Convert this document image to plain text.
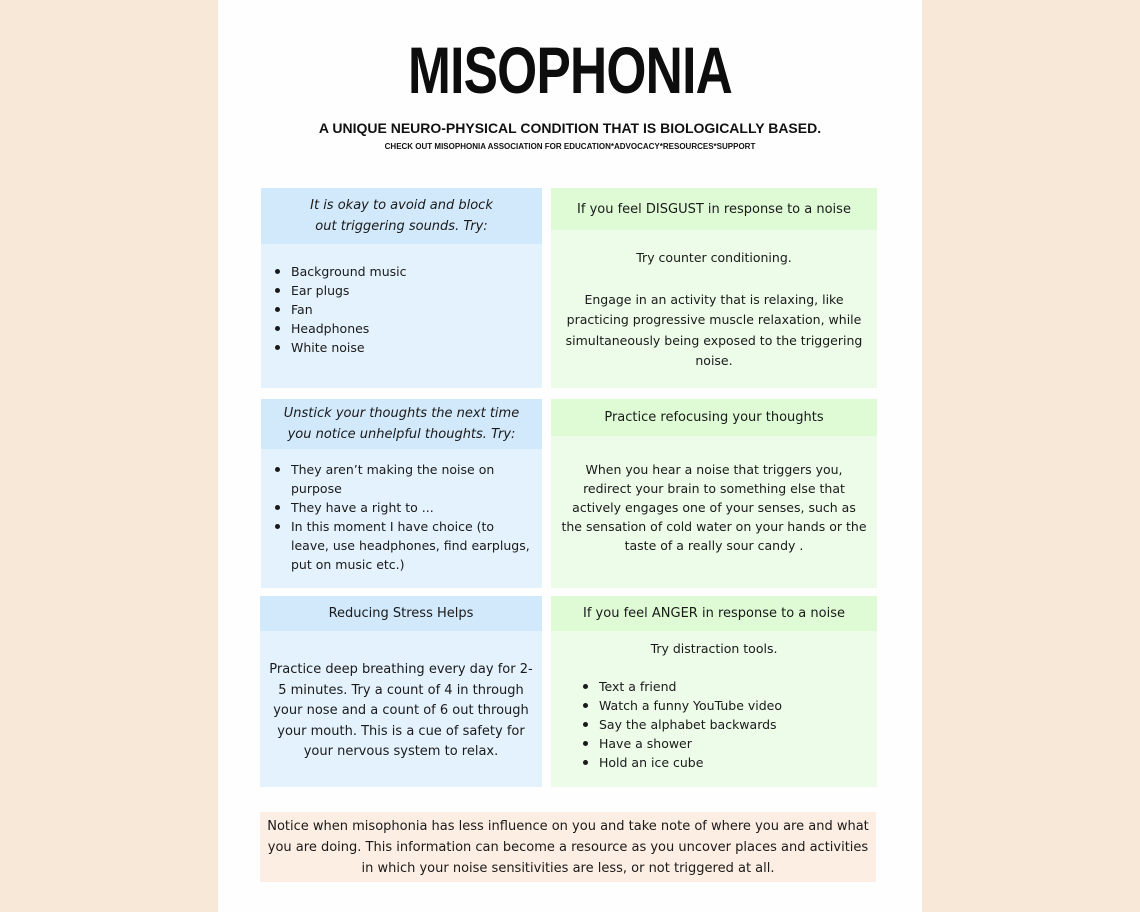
MISOPHONIA
A UNIQUE NEURO-PHYSICAL CONDITION THAT IS BIOLOGICALLY BASED.
CHECK OUT MISOPHONIA ASSOCIATION FOR EDUCATION*ADVOCACY*RESOURCES*SUPPORT
It is okay to avoid and block
out triggering sounds. Try:
Background music
Ear plugs
Fan
Headphones
White noise
If you feel DISGUST in response to a noise
Try counter conditioning.
Engage in an activity that is relaxing, like practicing progressive muscle relaxation, while simultaneously being exposed to the triggering noise.
Unstick your thoughts the next time
you notice unhelpful thoughts. Try:
They aren’t making the noise on purpose
They have a right to ...
In this moment I have choice (to leave, use headphones, find earplugs, put on music etc.)
Practice refocusing your thoughts
When you hear a noise that triggers you, redirect your brain to something else that actively engages one of your senses, such as the sensation of cold water on your hands or the taste of a really sour candy .
Reducing Stress Helps
Practice deep breathing every day for 2-5 minutes. Try a count of 4 in through your nose and a count of 6 out through your mouth. This is a cue of safety for your nervous system to relax.
If you feel ANGER in response to a noise
Try distraction tools.
Text a friend
Watch a funny YouTube video
Say the alphabet backwards
Have a shower
Hold an ice cube
Notice when misophonia has less influence on you and take note of where you are and what you are doing. This information can become a resource as you uncover places and activities in which your noise sensitivities are less, or not triggered at all.
